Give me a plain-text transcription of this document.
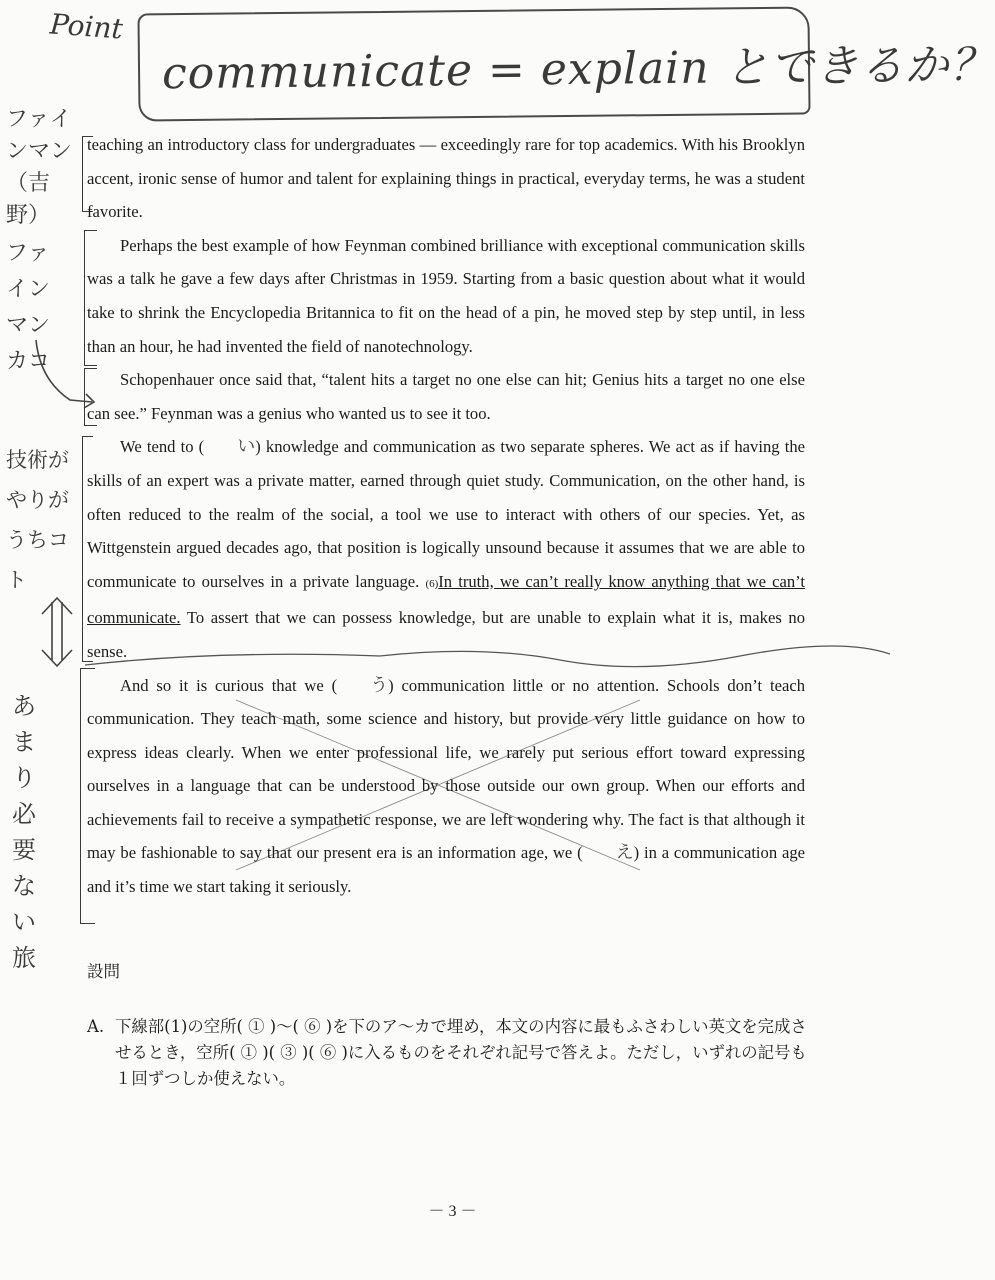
Point
communicate = explain とできるか？
ファインマン（吉野）
ファインマンカコ
技術がやりがうちコト
あまり必要ない旅

teaching an introductory class for undergraduates — exceedingly rare for top academics. With his Brooklyn accent, ironic sense of humor and talent for explaining things in practical, everyday terms, he was a student favorite.

Perhaps the best example of how Feynman combined brilliance with exceptional communication skills was a talk he gave a few days after Christmas in 1959. Starting from a basic question about what it would take to shrink the Encyclopedia Britannica to fit on the head of a pin, he moved step by step until, in less than an hour, he had invented the field of nanotechnology.

Schopenhauer once said that, “talent hits a target no one else can hit; Genius hits a target no one else can see.” Feynman was a genius who wanted us to see it too.

We tend to ( い) knowledge and communication as two separate spheres. We act as if having the skills of an expert was a private matter, earned through quiet study. Communication, on the other hand, is often reduced to the realm of the social, a tool we use to interact with others of our species. Yet, as Wittgenstein argued decades ago, that position is logically unsound because it assumes that we are able to communicate to ourselves in a private language. (6)In truth, we can’t really know anything that we can’t communicate. To assert that we can possess knowledge, but are unable to explain what it is, makes no sense.

And so it is curious that we ( う) communication little or no attention. Schools don’t teach communication. They teach math, some science and history, but provide very little guidance on how to express ideas clearly. When we enter professional life, we rarely put serious effort toward expressing ourselves in a language that can be understood by those outside our own group. When our efforts and achievements fail to receive a sympathetic response, we are left wondering why. The fact is that although it may be fashionable to say that our present era is an information age, we ( え) in a communication age and it’s time we start taking it seriously.

設問
A. 下線部(1)の空所( ① )〜( ⑥ )を下のア〜カで埋め，本文の内容に最もふさわしい英文を完成させるとき，空所( ① )( ③ )( ⑥ )に入るものをそれぞれ記号で答えよ。ただし，いずれの記号も１回ずつしか使えない。
－ 3 －
